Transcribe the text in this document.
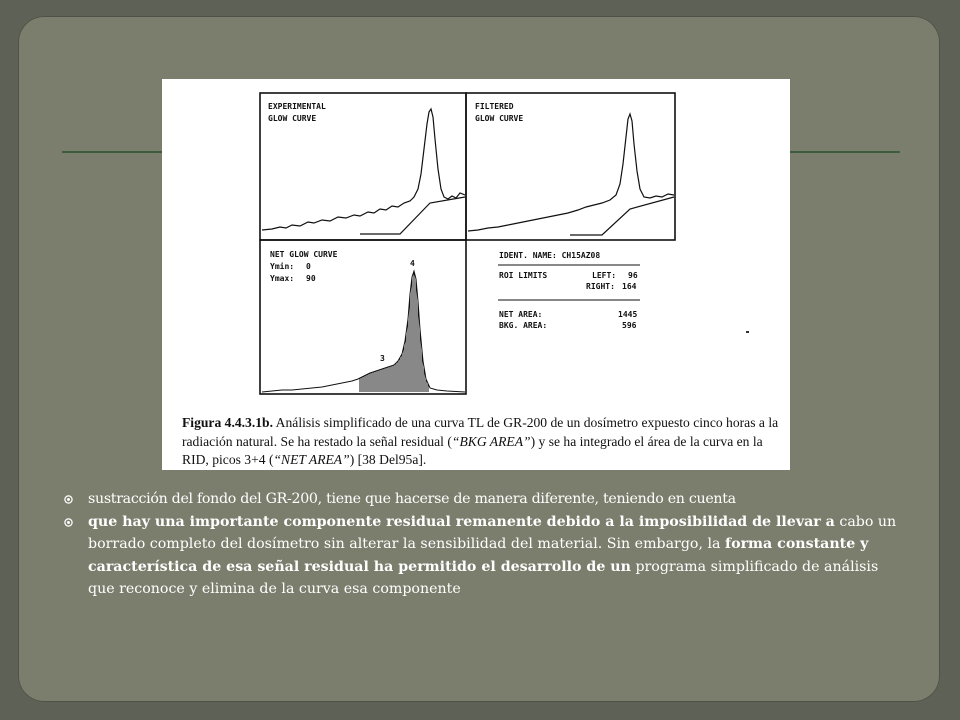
EXPERIMENTAL
GLOW CURVE
FILTERED
GLOW CURVE
NET GLOW CURVE
Ymin: 0
Ymax: 90
4
3
IDENT. NAME: CH15AZ08
ROI LIMITS	LEFT: 96
RIGHT: 164
NET AREA:	1445
BKG. AREA:	596
Figura 4.4.3.1b. Análisis simplificado de una curva TL de GR-200 de un dosímetro expuesto cinco horas a la radiación natural. Se ha restado la señal residual (“BKG AREA”) y se ha integrado el área de la curva en la RID, picos 3+4 (“NET AREA”) [38 Del95a].
sustracción del fondo del GR-200, tiene que hacerse de manera diferente, teniendo en cuenta
que hay una importante componente residual remanente debido a la imposibilidad de llevar a cabo un borrado completo del dosímetro sin alterar la sensibilidad del material. Sin embargo, la forma constante y característica de esa señal residual ha permitido el desarrollo de un programa simplificado de análisis que reconoce y elimina de la curva esa componente
